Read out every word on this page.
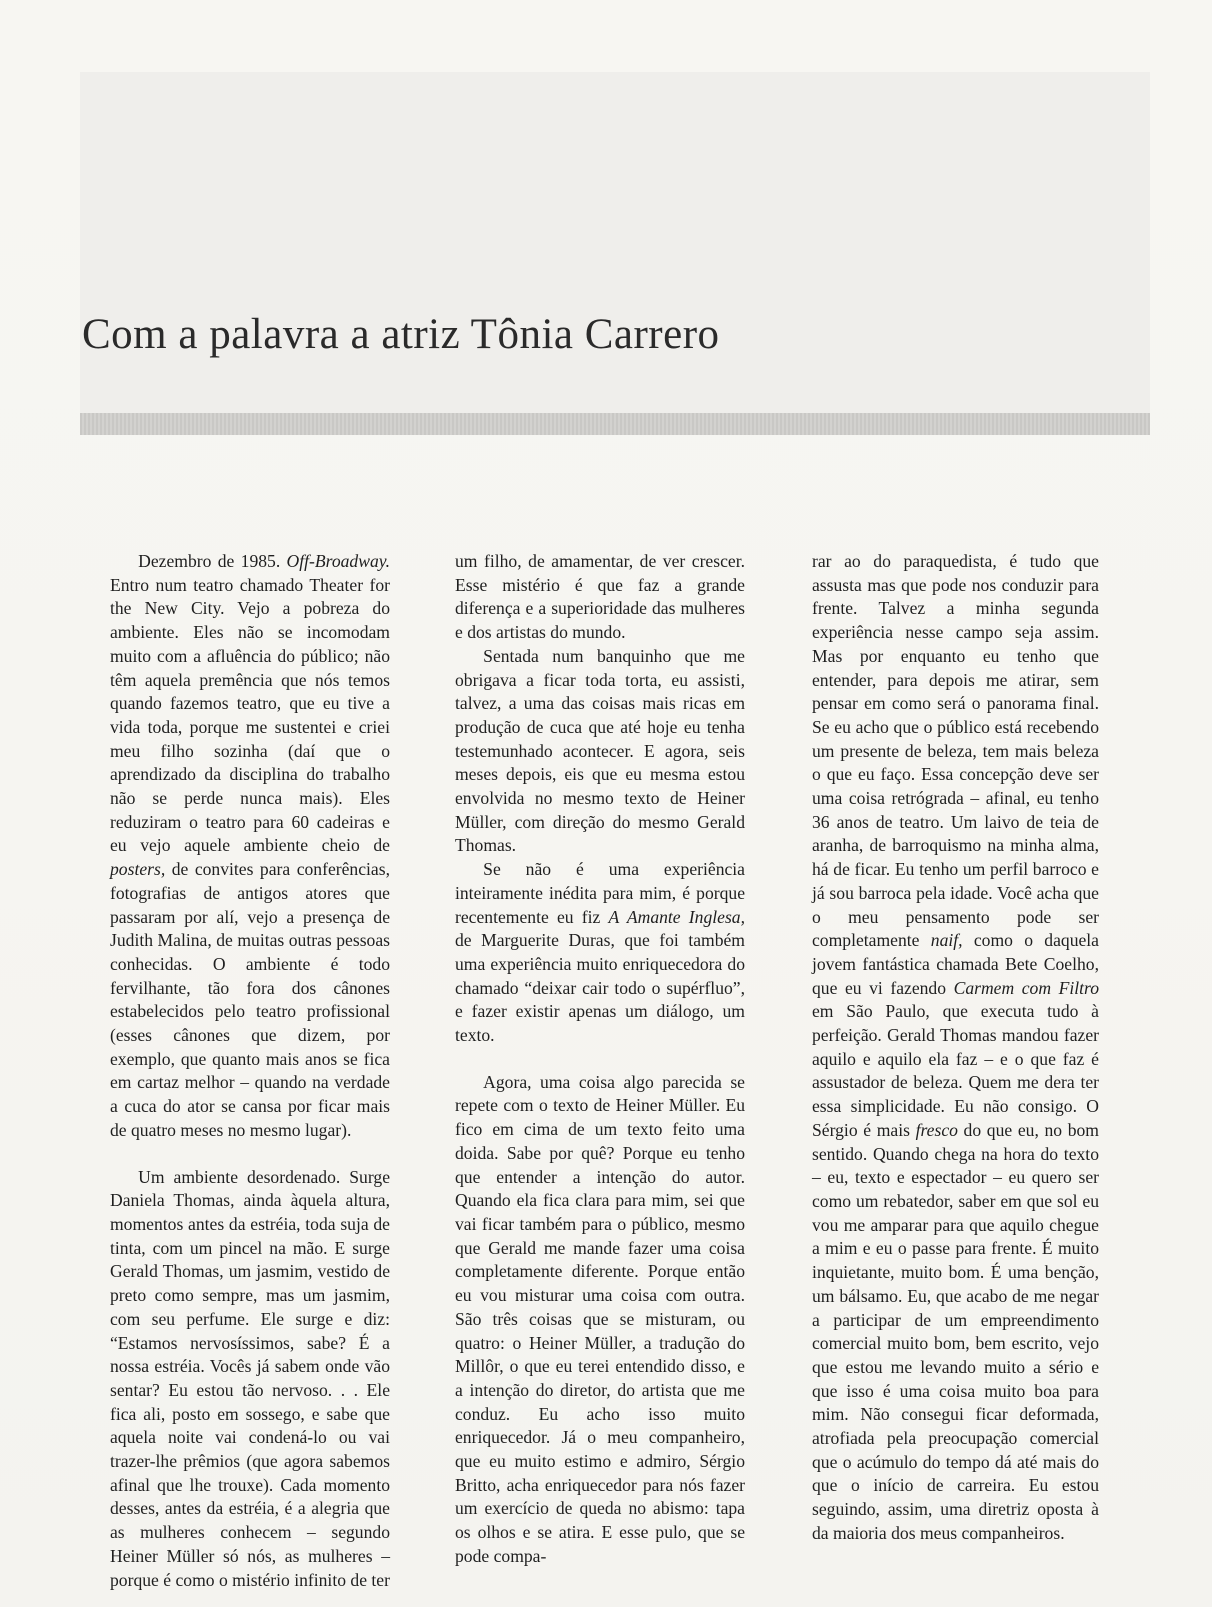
Com a palavra a atriz Tônia Carrero

Dezembro de 1985. Off-Broadway. Entro num teatro chamado Theater for the New City. Vejo a pobreza do ambiente. Eles não se incomodam muito com a afluência do público; não têm aquela premência que nós temos quando fazemos teatro, que eu tive a vida toda, porque me sustentei e criei meu filho sozinha (daí que o aprendizado da disciplina do trabalho não se perde nunca mais). Eles reduziram o teatro para 60 cadeiras e eu vejo aquele ambiente cheio de posters, de convites para conferências, fotografias de antigos atores que passaram por alí, vejo a presença de Judith Malina, de muitas outras pessoas conhecidas. O ambiente é todo fervilhante, tão fora dos cânones estabelecidos pelo teatro profissional (esses cânones que dizem, por exemplo, que quanto mais anos se fica em cartaz melhor – quando na verdade a cuca do ator se cansa por ficar mais de quatro meses no mesmo lugar).

Um ambiente desordenado. Surge Daniela Thomas, ainda àquela altura, momentos antes da estréia, toda suja de tinta, com um pincel na mão. E surge Gerald Thomas, um jasmim, vestido de preto como sempre, mas um jasmim, com seu perfume. Ele surge e diz: “Estamos nervosíssimos, sabe? É a nossa estréia. Vocês já sabem onde vão sentar? Eu estou tão nervoso. . . Ele fica ali, posto em sossego, e sabe que aquela noite vai condená-lo ou vai trazer-lhe prêmios (que agora sabemos afinal que lhe trouxe). Cada momento desses, antes da estréia, é a alegria que as mulheres conhecem – segundo Heiner Müller só nós, as mulheres – porque é como o mistério infinito de ter

um filho, de amamentar, de ver crescer. Esse mistério é que faz a grande diferença e a superioridade das mulheres e dos artistas do mundo.

Sentada num banquinho que me obrigava a ficar toda torta, eu assisti, talvez, a uma das coisas mais ricas em produção de cuca que até hoje eu tenha testemunhado acontecer. E agora, seis meses depois, eis que eu mesma estou envolvida no mesmo texto de Heiner Müller, com direção do mesmo Gerald Thomas.

Se não é uma experiência inteiramente inédita para mim, é porque recentemente eu fiz A Amante Inglesa, de Marguerite Duras, que foi também uma experiência muito enriquecedora do chamado “deixar cair todo o supérfluo”, e fazer existir apenas um diálogo, um texto.

Agora, uma coisa algo parecida se repete com o texto de Heiner Müller. Eu fico em cima de um texto feito uma doida. Sabe por quê? Porque eu tenho que entender a intenção do autor. Quando ela fica clara para mim, sei que vai ficar também para o público, mesmo que Gerald me mande fazer uma coisa completamente diferente. Porque então eu vou misturar uma coisa com outra. São três coisas que se misturam, ou quatro: o Heiner Müller, a tradução do Millôr, o que eu terei entendido disso, e a intenção do diretor, do artista que me conduz. Eu acho isso muito enriquecedor. Já o meu companheiro, que eu muito estimo e admiro, Sérgio Britto, acha enriquecedor para nós fazer um exercício de queda no abismo: tapa os olhos e se atira. E esse pulo, que se pode compa-

rar ao do paraquedista, é tudo que assusta mas que pode nos conduzir para frente. Talvez a minha segunda experiência nesse campo seja assim. Mas por enquanto eu tenho que entender, para depois me atirar, sem pensar em como será o panorama final. Se eu acho que o público está recebendo um presente de beleza, tem mais beleza o que eu faço. Essa concepção deve ser uma coisa retrógrada – afinal, eu tenho 36 anos de teatro. Um laivo de teia de aranha, de barroquismo na minha alma, há de ficar. Eu tenho um perfil barroco e já sou barroca pela idade. Você acha que o meu pensamento pode ser completamente naif, como o daquela jovem fantástica chamada Bete Coelho, que eu vi fazendo Carmem com Filtro em São Paulo, que executa tudo à perfeição. Gerald Thomas mandou fazer aquilo e aquilo ela faz – e o que faz é assustador de beleza. Quem me dera ter essa simplicidade. Eu não consigo. O Sérgio é mais fresco do que eu, no bom sentido. Quando chega na hora do texto – eu, texto e espectador – eu quero ser como um rebatedor, saber em que sol eu vou me amparar para que aquilo chegue a mim e eu o passe para frente. É muito inquietante, muito bom. É uma benção, um bálsamo. Eu, que acabo de me negar a participar de um empreendimento comercial muito bom, bem escrito, vejo que estou me levando muito a sério e que isso é uma coisa muito boa para mim. Não consegui ficar deformada, atrofiada pela preocupação comercial que o acúmulo do tempo dá até mais do que o início de carreira. Eu estou seguindo, assim, uma diretriz oposta à da maioria dos meus companheiros.
